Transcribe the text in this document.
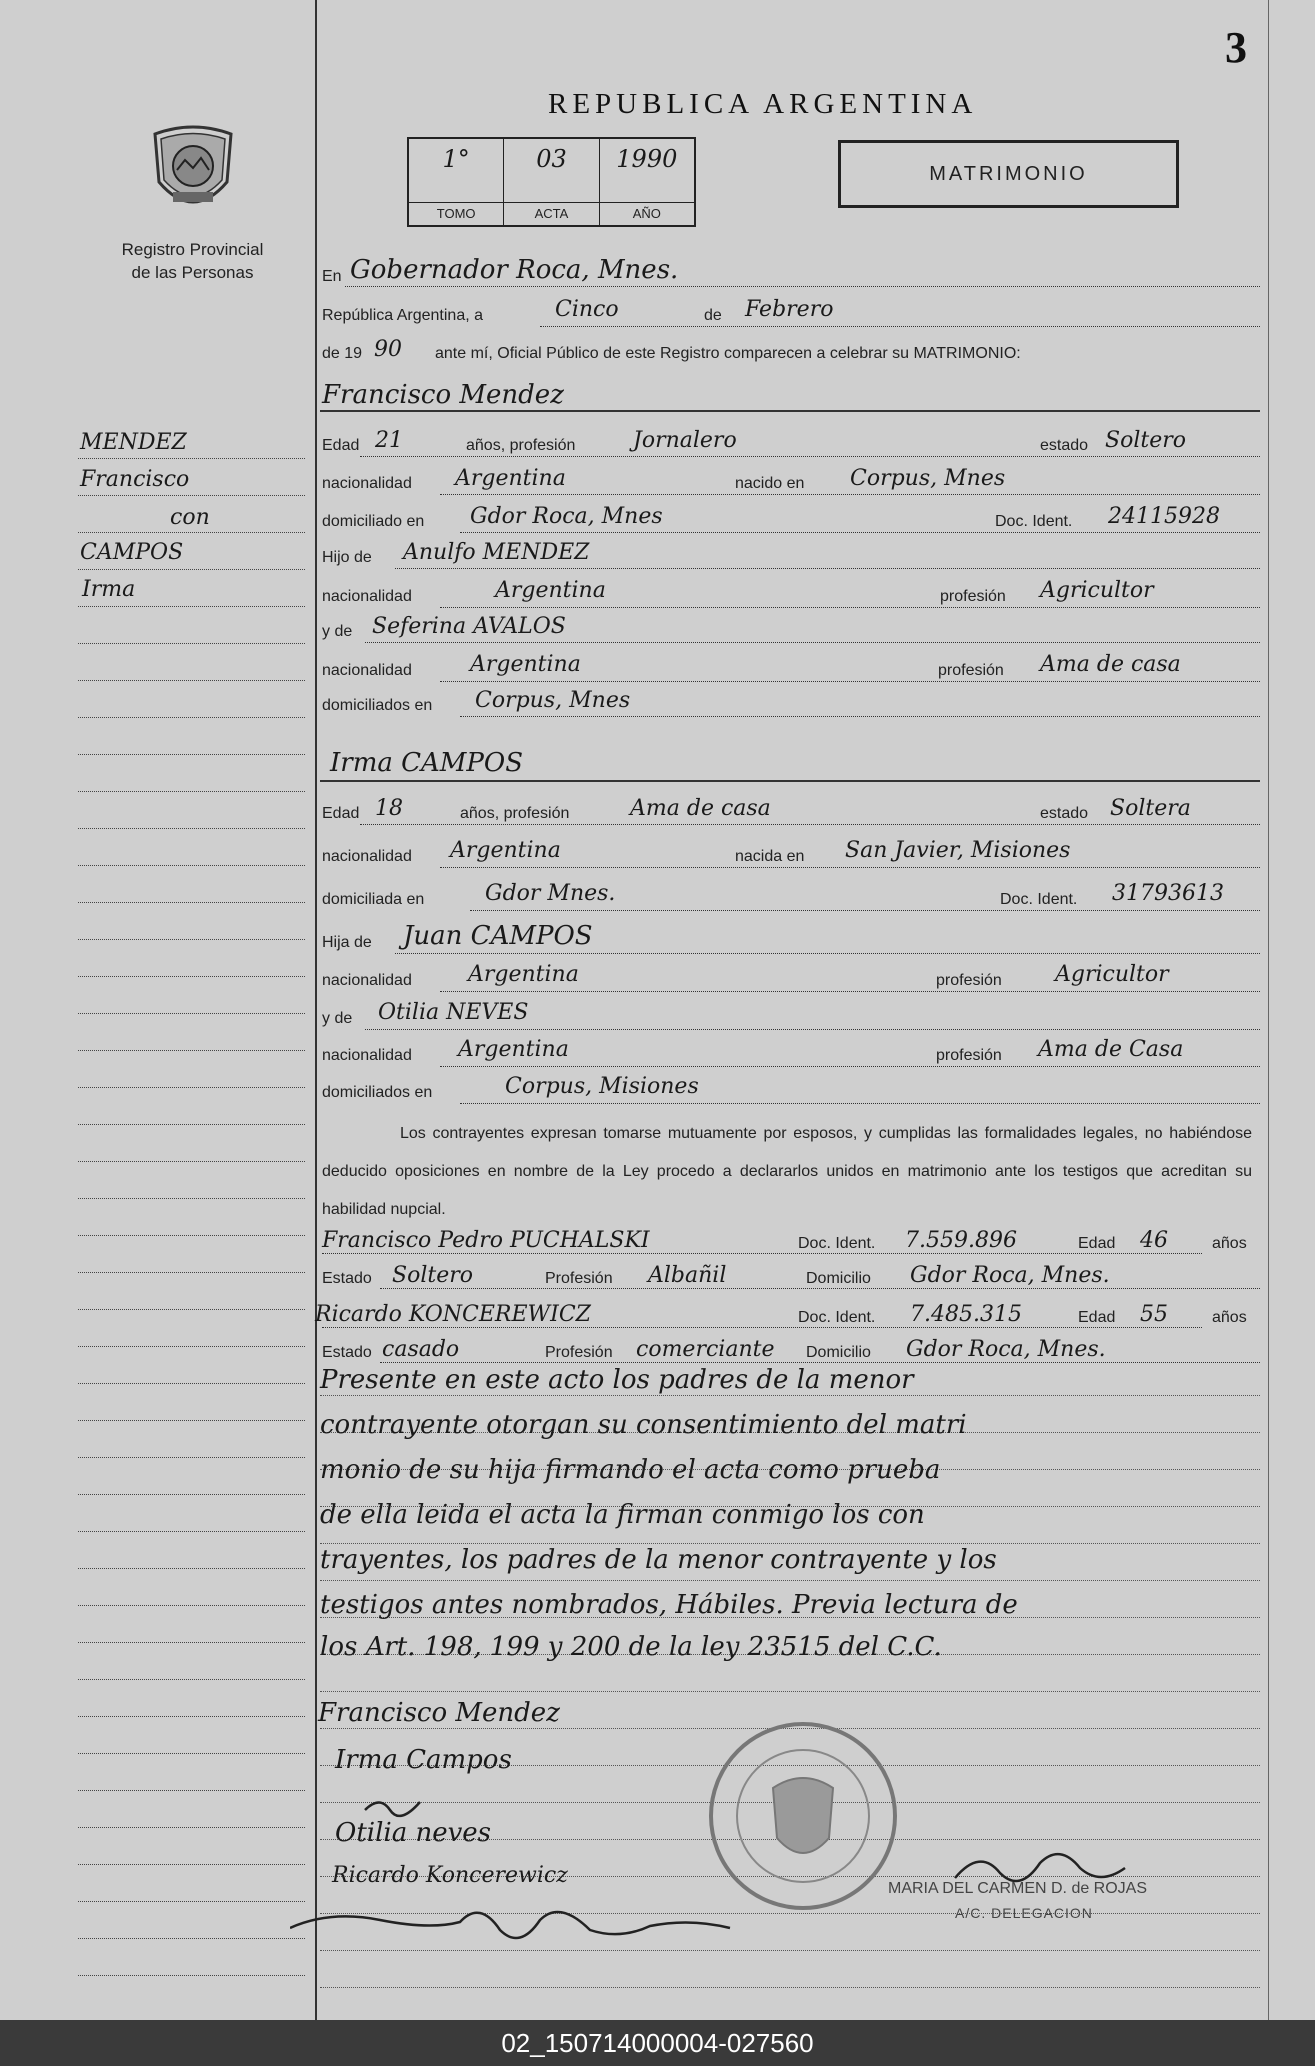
3
REPUBLICA ARGENTINA
Registro Provincial
de las Personas
1°
TOMO
03
ACTA
1990
AÑO
MATRIMONIO
MENDEZ
Francisco
con
CAMPOS
Irma
En Gobernador Roca, Mnes.
República Argentina, a	Cinco	de Febrero
de 19 90 ante mí, Oficial Público de este Registro comparecen a celebrar su MATRIMONIO:
Francisco Mendez
Edad 21	años, profesión	Jornalero	estado Soltero
nacionalidad Argentina	nacido en Corpus, Mnes
domiciliado en Gdor Roca, Mnes	Doc. Ident. 24115928
Hijo de Anulfo MENDEZ
nacionalidad	Argentina	profesión Agricultor
y de Seferina AVALOS
nacionalidad	Argentina	profesión Ama de casa
domiciliados en Corpus, Mnes
Irma CAMPOS
Edad 18	años, profesión	Ama de casa	estado Soltera
nacionalidad Argentina	nacida en San Javier, Misiones
domiciliada en	Gdor Mnes.	Doc. Ident. 31793613
Hija de Juan CAMPOS
nacionalidad	Argentina	profesión Agricultor
y de Otilia NEVES
nacionalidad Argentina	profesión Ama de Casa
domiciliados en	Corpus, Misiones
Los contrayentes expresan tomarse mutuamente por esposos, y cumplidas las formalidades legales, no habiéndose deducido oposiciones en nombre de la Ley procedo a declararlos unidos en matrimonio ante los testigos que acreditan su habilidad nupcial.
Francisco Pedro PUCHALSKI	Doc. Ident. 7.559.896	Edad 46	años
Estado Soltero	Profesión Albañil	Domicilio Gdor Roca, Mnes.
Ricardo KONCEREWICZ	Doc. Ident. 7.485.315	Edad 55	años
Estado casado	Profesión comerciante Domicilio Gdor Roca, Mnes.
Presente en este acto los padres de la menor
contrayente otorgan su consentimiento del matri
monio de su hija firmando el acta como prueba
de ella leida el acta la firman conmigo los con
trayentes, los padres de la menor contrayente y los
testigos antes nombrados, Hábiles. Previa lectura de
los Art. 198, 199 y 200 de la ley 23515 del C.C.
Francisco Mendez
Irma Campos
Otilia neves
Ricardo Koncerewicz
MARIA DEL CARMEN D. de ROJAS
A/C. DELEGACION
02_150714000004-027560
